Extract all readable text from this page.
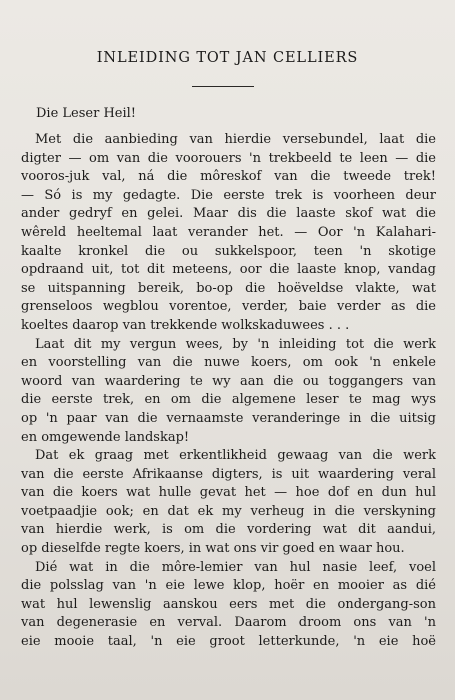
INLEIDING TOT JAN CELLIERS

Die Leser Heil!

Met die aanbieding van hierdie versebundel, laat die
digter — om van die voorouers 'n trekbeeld te leen — die
vooros-juk val, ná die môreskof van die tweede trek!
— Só is my gedagte. Die eerste trek is voorheen deur
ander gedryf en gelei. Maar dis die laaste skof wat die
wêreld heeltemal laat verander het. — Oor 'n Kalahari-
kaalte kronkel die ou sukkelspoor, teen 'n skotige
opdraand uit, tot dit meteens, oor die laaste knop, vandag
se uitspanning bereik, bo-op die hoëveldse vlakte, wat
grenseloos wegblou vorentoe, verder, baie verder as die
koeltes daarop van trekkende wolkskaduwees . . .
Laat dit my vergun wees, by 'n inleiding tot die werk
en voorstelling van die nuwe koers, om ook 'n enkele
woord van waardering te wy aan die ou toggangers van
die eerste trek, en om die algemene leser te mag wys
op 'n paar van die vernaamste veranderinge in die uitsig
en omgewende landskap!
Dat ek graag met erkentlikheid gewaag van die werk
van die eerste Afrikaanse digters, is uit waardering veral
van die koers wat hulle gevat het — hoe dof en dun hul
voetpaadjie ook; en dat ek my verheug in die verskyning
van hierdie werk, is om die vordering wat dit aandui,
op dieselfde regte koers, in wat ons vir goed en waar hou.
Dié wat in die môre-lemier van hul nasie leef, voel
die polsslag van 'n eie lewe klop, hoër en mooier as dié
wat hul lewenslig aanskou eers met die ondergang-son
van degenerasie en verval. Daarom droom ons van 'n
eie mooie taal, 'n eie groot letterkunde, 'n eie hoë
